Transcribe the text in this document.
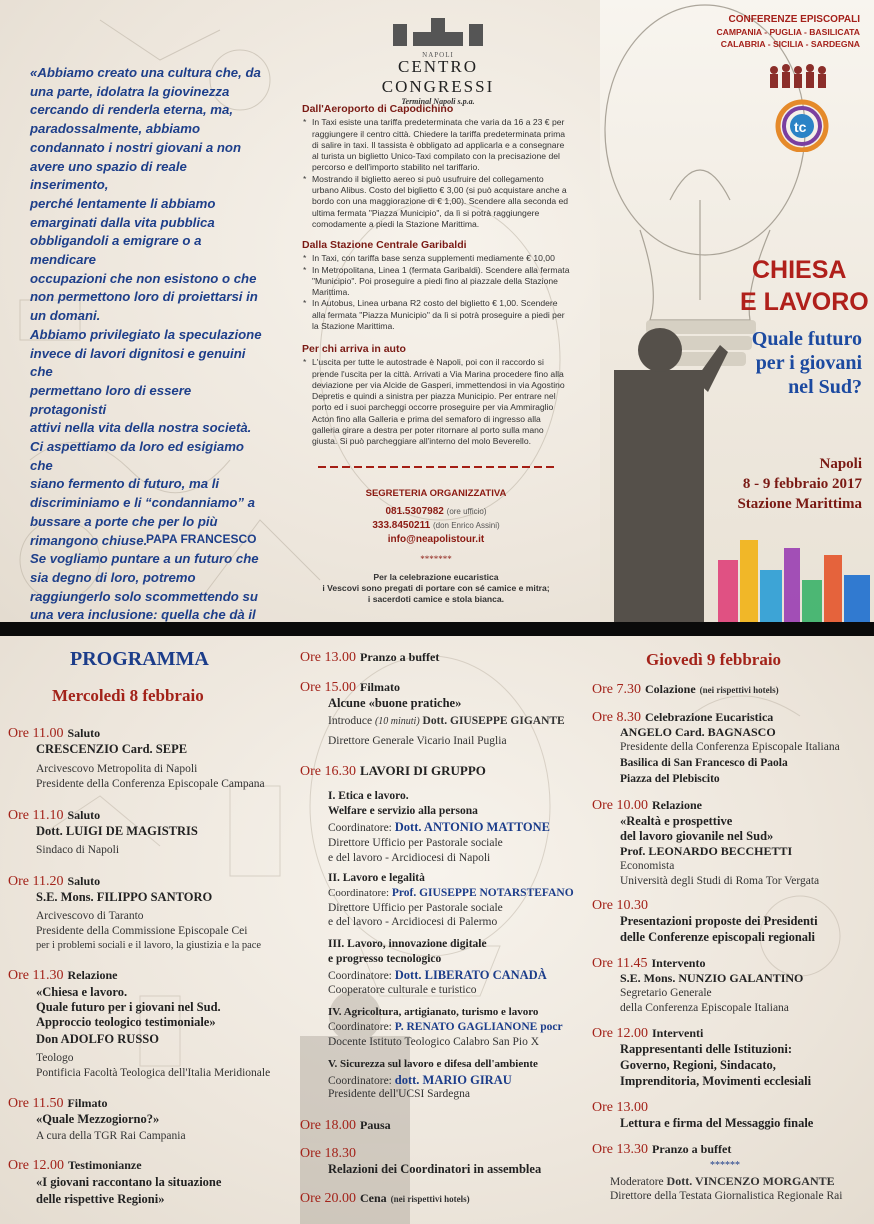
«Abbiamo creato una cultura che, da

una parte, idolatra la giovinezza

cercando di renderla eterna, ma,

paradossalmente, abbiamo

condannato i nostri giovani a non

avere uno spazio di reale inserimento,

perché lentamente li abbiamo

emarginati dalla vita pubblica

obbligandoli a emigrare o a mendicare

occupazioni che non esistono o che

non permettono loro di proiettarsi in

un domani.

Abbiamo privilegiato la speculazione

invece di lavori dignitosi e genuini che

permettano loro di essere protagonisti

attivi nella vita della nostra società.

Ci aspettiamo da loro ed esigiamo che

siano fermento di futuro, ma li

discriminiamo e li “condanniamo” a

bussare a porte che per lo più

rimangono chiuse.

Se vogliamo puntare a un futuro che

sia degno di loro, potremo

raggiungerlo solo scommettendo su

una vera inclusione: quella che dà il

PAPA FRANCESCO
NAPOLI
CENTRO CONGRESSI
Terminal Napoli s.p.a.
Dall'Aeroporto di Capodichino
* In Taxi esiste una tariffa predeterminata che varia da 16 a 23 € per raggiungere il centro città. Chiedere la tariffa predeterminata prima di salire in taxi. Il tassista è obbligato ad applicarla e a consegnare al turista un biglietto Unico-Taxi compilato con la precisazione del percorso e dell'importo stabilito nel tariffario.
* Mostrando il biglietto aereo si può usufruire del collegamento urbano Alibus. Costo del biglietto € 3,00 (si può acquistare anche a bordo con una maggiorazione di € 1,00). Scendere alla seconda ed ultima fermata "Piazza Municipio", da lì si potrà raggiungere comodamente a piedi la Stazione Marittima.
Dalla Stazione Centrale Garibaldi
* In Taxi, con tariffa base senza supplementi mediamente € 10,00
* In Metropolitana, Linea 1 (fermata Garibaldi). Scendere alla fermata "Municipio". Poi proseguire a piedi fino al piazzale della Stazione Marittima.
* In Autobus, Linea urbana R2 costo del biglietto € 1,00. Scendere alla fermata "Piazza Municipio" da lì si potrà proseguire a piedi per la Stazione Marittima.
Per chi arriva in auto
* L'uscita per tutte le autostrade è Napoli, poi con il raccordo si prende l'uscita per la città. Arrivati a Via Marina procedere fino alla deviazione per via Alcide de Gasperi, immettendosi in via Agostino Depretis e quindi a sinistra per piazza Municipio. Per entrare nel porto ed i suoi parcheggi occorre proseguire per via Ammiraglio Acton fino alla Galleria e prima del semaforo di ingresso alla galleria girare a destra per poter ritornare al porto sulla mano giusta. Si può parcheggiare all'interno del molo Beverello.
SEGRETERIA ORGANIZZATIVA
081.5307982 (ore ufficio)
333.8450211 (don Enrico Assini)
info@neapolistour.it
*******
Per la celebrazione eucaristica
i Vescovi sono pregati di portare con sé camice e mitra;
i sacerdoti camice e stola bianca.
CONFERENZE EPISCOPALI
CAMPANIA - PUGLIA - BASILICATA
CALABRIA - SICILIA - SARDEGNA
tc
CHIESA
E LAVORO
Quale futuro
per i giovani
nel Sud?
Napoli
8 - 9 febbraio 2017
Stazione Marittima
PROGRAMMA
Mercoledì 8 febbraio
Ore 11.00 Saluto
CRESCENZIO Card. SEPE
Arcivescovo Metropolita di Napoli
Presidente della Conferenza Episcopale Campana
Ore 11.10 Saluto
Dott. LUIGI DE MAGISTRIS
Sindaco di Napoli
Ore 11.20 Saluto
S.E. Mons. FILIPPO SANTORO
Arcivescovo di Taranto
Presidente della Commissione Episcopale Cei
per i problemi sociali e il lavoro, la giustizia e la pace
Ore 11.30 Relazione
«Chiesa e lavoro.
Quale futuro per i giovani nel Sud.
Approccio teologico testimoniale»
Don ADOLFO RUSSO
Teologo
Pontificia Facoltà Teologica dell'Italia Meridionale
Ore 11.50 Filmato
«Quale Mezzogiorno?»
A cura della TGR Rai Campania
Ore 12.00 Testimonianze
«I giovani raccontano la situazione
delle rispettive Regioni»
Ore 13.00 Pranzo a buffet
Ore 15.00 Filmato
Alcune «buone pratiche»
Introduce (10 minuti) Dott. GIUSEPPE GIGANTE
Direttore Generale Vicario Inail Puglia
Ore 16.30 LAVORI DI GRUPPO
I. Etica e lavoro.
Welfare e servizio alla persona
Coordinatore: Dott. ANTONIO MATTONE
Direttore Ufficio per Pastorale sociale
e del lavoro - Arcidiocesi di Napoli
II. Lavoro e legalità
Coordinatore: Prof. GIUSEPPE NOTARSTEFANO
Direttore Ufficio per Pastorale sociale
e del lavoro - Arcidiocesi di Palermo
III. Lavoro, innovazione digitale
e progresso tecnologico
Coordinatore: Dott. LIBERATO CANADÀ
Cooperatore culturale e turistico
IV. Agricoltura, artigianato, turismo e lavoro
Coordinatore: P. RENATO GAGLIANONE pocr
Docente Istituto Teologico Calabro San Pio X
V. Sicurezza sul lavoro e difesa dell'ambiente
Coordinatore: dott. MARIO GIRAU
Presidente dell'UCSI Sardegna
Ore 18.00 Pausa
Ore 18.30
Relazioni dei Coordinatori in assemblea
Ore 20.00 Cena (nei rispettivi hotels)
Giovedì 9 febbraio
Ore 7.30 Colazione (nei rispettivi hotels)
Ore 8.30 Celebrazione Eucaristica
ANGELO Card. BAGNASCO
Presidente della Conferenza Episcopale Italiana
Basilica di San Francesco di Paola
Piazza del Plebiscito
Ore 10.00 Relazione
«Realtà e prospettive
del lavoro giovanile nel Sud»
Prof. LEONARDO BECCHETTI
Economista
Università degli Studi di Roma Tor Vergata
Ore 10.30
Presentazioni proposte dei Presidenti
delle Conferenze episcopali regionali
Ore 11.45 Intervento
S.E. Mons. NUNZIO GALANTINO
Segretario Generale
della Conferenza Episcopale Italiana
Ore 12.00 Interventi
Rappresentanti delle Istituzioni:
Governo, Regioni, Sindacato,
Imprenditoria, Movimenti ecclesiali
Ore 13.00
Lettura e firma del Messaggio finale
Ore 13.30 Pranzo a buffet
******
Moderatore Dott. VINCENZO MORGANTE
Direttore della Testata Giornalistica Regionale Rai
